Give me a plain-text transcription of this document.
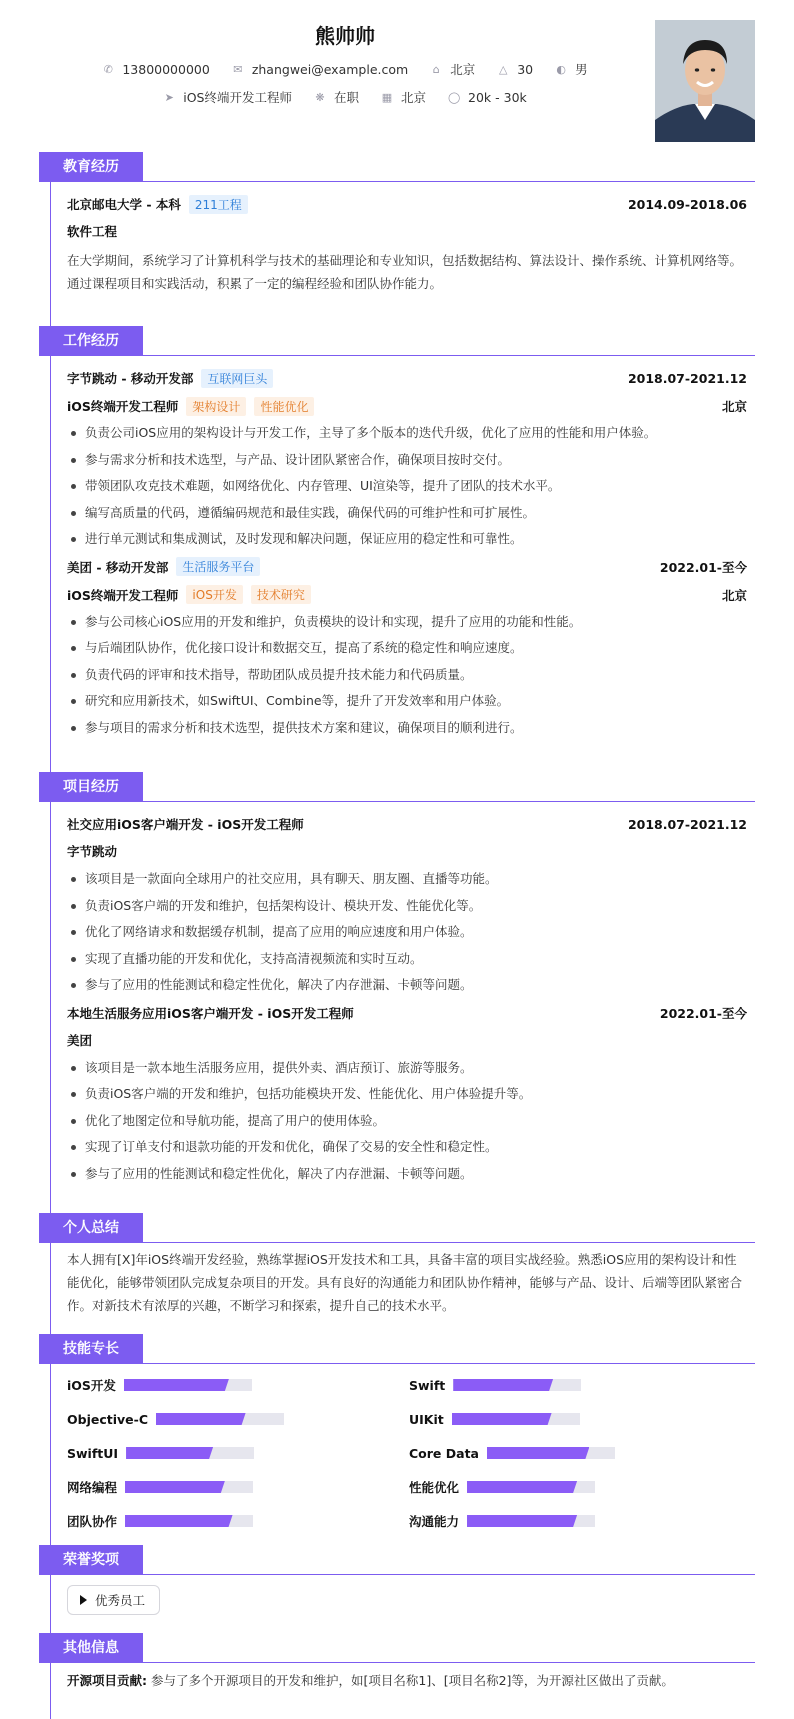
熊帅帅
✆ 13800000000 ✉ zhangwei@example.com ⌂ 北京 △ 30 ◐ 男
➤ iOS终端开发工程师 ❋ 在职 ▦ 北京 ◯ 20k - 30k
教育经历
北京邮电大学 - 本科	211工程	2014.09-2018.06
软件工程
在大学期间，系统学习了计算机科学与技术的基础理论和专业知识，包括数据结构、算法设计、操作系统、计算机网络等。通过课程项目和实践活动，积累了一定的编程经验和团队协作能力。
工作经历
字节跳动 - 移动开发部	互联网巨头	2018.07-2021.12
iOS终端开发工程师	架构设计	性能优化	北京
负责公司iOS应用的架构设计与开发工作，主导了多个版本的迭代升级，优化了应用的性能和用户体验。
参与需求分析和技术选型，与产品、设计团队紧密合作，确保项目按时交付。
带领团队攻克技术难题，如网络优化、内存管理、UI渲染等，提升了团队的技术水平。
编写高质量的代码，遵循编码规范和最佳实践，确保代码的可维护性和可扩展性。
进行单元测试和集成测试，及时发现和解决问题，保证应用的稳定性和可靠性。
美团 - 移动开发部	生活服务平台	2022.01-至今
iOS终端开发工程师	iOS开发	技术研究	北京
参与公司核心iOS应用的开发和维护，负责模块的设计和实现，提升了应用的功能和性能。
与后端团队协作，优化接口设计和数据交互，提高了系统的稳定性和响应速度。
负责代码的评审和技术指导，帮助团队成员提升技术能力和代码质量。
研究和应用新技术，如SwiftUI、Combine等，提升了开发效率和用户体验。
参与项目的需求分析和技术选型，提供技术方案和建议，确保项目的顺利进行。
项目经历
社交应用iOS客户端开发 - iOS开发工程师	2018.07-2021.12
字节跳动
该项目是一款面向全球用户的社交应用，具有聊天、朋友圈、直播等功能。
负责iOS客户端的开发和维护，包括架构设计、模块开发、性能优化等。
优化了网络请求和数据缓存机制，提高了应用的响应速度和用户体验。
实现了直播功能的开发和优化，支持高清视频流和实时互动。
参与了应用的性能测试和稳定性优化，解决了内存泄漏、卡顿等问题。
本地生活服务应用iOS客户端开发 - iOS开发工程师	2022.01-至今
美团
该项目是一款本地生活服务应用，提供外卖、酒店预订、旅游等服务。
负责iOS客户端的开发和维护，包括功能模块开发、性能优化、用户体验提升等。
优化了地图定位和导航功能，提高了用户的使用体验。
实现了订单支付和退款功能的开发和优化，确保了交易的安全性和稳定性。
参与了应用的性能测试和稳定性优化，解决了内存泄漏、卡顿等问题。
个人总结
本人拥有[X]年iOS终端开发经验，熟练掌握iOS开发技术和工具，具备丰富的项目实战经验。熟悉iOS应用的架构设计和性能优化，能够带领团队完成复杂项目的开发。具有良好的沟通能力和团队协作精神，能够与产品、设计、后端等团队紧密合作。对新技术有浓厚的兴趣，不断学习和探索，提升自己的技术水平。
技能专长
iOS开发	Swift
Objective-C	UIKit
SwiftUI	Core Data
网络编程	性能优化
团队协作	沟通能力
荣誉奖项
优秀员工
其他信息
开源项目贡献: 参与了多个开源项目的开发和维护，如[项目名称1]、[项目名称2]等，为开源社区做出了贡献。
